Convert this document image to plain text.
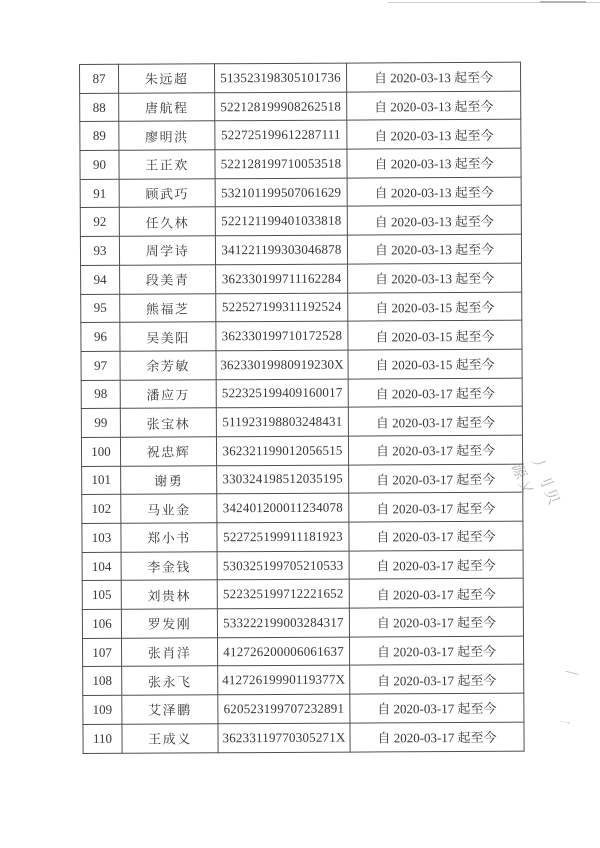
87	朱远超	513523198305101736	自 2020-03-13 起至今
88	唐航程	522128199908262518	自 2020-03-13 起至今
89	廖明洪	522725199612287111	自 2020-03-13 起至今
90	王正欢	522128199710053518	自 2020-03-13 起至今
91	顾武巧	532101199507061629	自 2020-03-13 起至今
92	任久林	522121199401033818	自 2020-03-13 起至今
93	周学诗	341221199303046878	自 2020-03-13 起至今
94	段美青	362330199711162284	自 2020-03-13 起至今
95	熊福芝	522527199311192524	自 2020-03-15 起至今
96	吴美阳	362330199710172528	自 2020-03-15 起至今
97	余芳敏	36233019980919230X	自 2020-03-15 起至今
98	潘应万	522325199409160017	自 2020-03-17 起至今
99	张宝林	511923198803248431	自 2020-03-17 起至今
100	祝忠辉	362321199012056515	自 2020-03-17 起至今
101	谢勇	330324198512035195	自 2020-03-17 起至今
102	马业金	342401200011234078	自 2020-03-17 起至今
103	郑小书	522725199911181923	自 2020-03-17 起至今
104	李金钱	530325199705210533	自 2020-03-17 起至今
105	刘贵林	522325199712221652	自 2020-03-17 起至今
106	罗发刚	533222199003284317	自 2020-03-17 起至今
107	张肖洋	412726200006061637	自 2020-03-17 起至今
108	张永飞	41272619990119377X	自 2020-03-17 起至今
109	艾泽鹏	620523199707232891	自 2020-03-17 起至今
110	王成义	36233119770305271X	自 2020-03-17 起至今
丿刂贝源乂
—
乛
